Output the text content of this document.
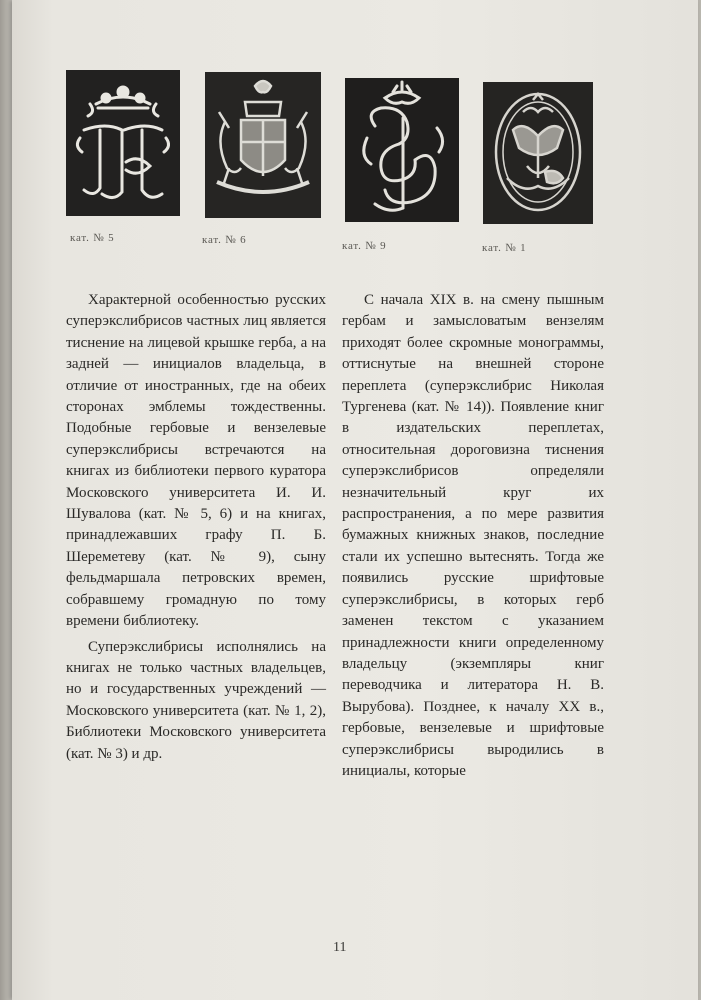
кат. № 5	кат. № 6	кат. № 9	кат. № 1

Характерной особенностью русских суперэкслибрисов частных лиц является тиснение на лицевой крышке герба, а на задней — инициалов владельца, в отличие от иностранных, где на обеих сторонах эмблемы тождественны. Подобные гербовые и вензелевые суперэкслибрисы встречаются на книгах из библиотеки первого куратора Московского университета И. И. Шувалова (кат. № 5, 6) и на книгах, принадлежавших графу П. Б. Шереметеву (кат. № 9), сыну фельдмаршала петровских времен, собравшему громадную по тому времени библиотеку.

Суперэкслибрисы исполнялись на книгах не только частных владельцев, но и государственных учреждений — Московского университета (кат. № 1, 2), Библиотеки Московского университета (кат. № 3) и др.

С начала XIX в. на смену пышным гербам и замысловатым вензелям приходят более скромные монограммы, оттиснутые на внешней стороне переплета (суперэкслибрис Николая Тургенева (кат. № 14)). Появление книг в издательских переплетах, относительная дороговизна тиснения суперэкслибрисов определяли незначительный круг их распространения, а по мере развития бумажных книжных знаков, последние стали их успешно вытеснять. Тогда же появились русские шрифтовые суперэкслибрисы, в которых герб заменен текстом с указанием принадлежности книги определенному владельцу (экземпляры книг переводчика и литератора Н. В. Вырубова). Позднее, к началу XX в., гербовые, вензелевые и шрифтовые суперэкслибрисы выродились в инициалы, которые

11
